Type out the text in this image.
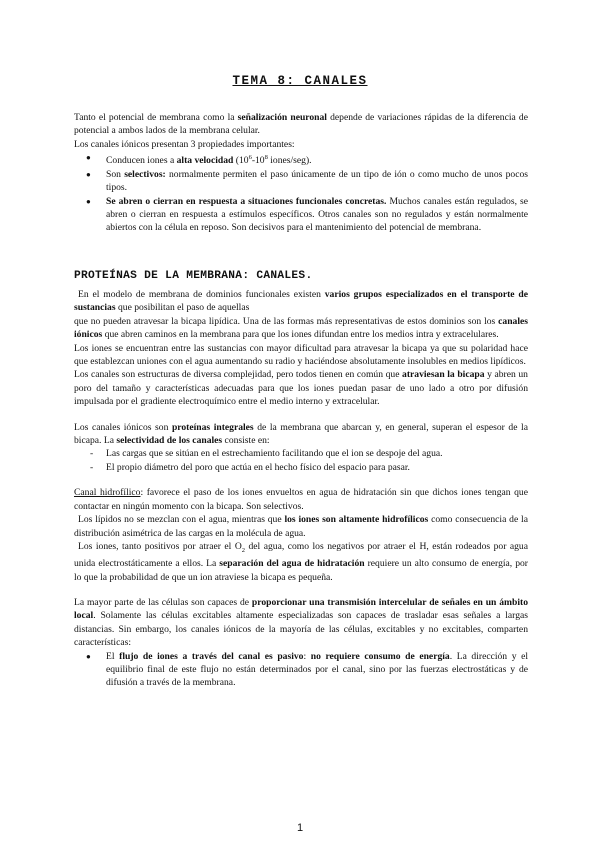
TEMA 8: CANALES

Tanto el potencial de membrana como la señalización neuronal depende de variaciones rápidas de la diferencia de potencial a ambos lados de la membrana celular.

Los canales iónicos presentan 3 propiedades importantes:

● Conducen iones a alta velocidad ($10^6-10^8$ iones/seg).
● Son selectivos: normalmente permiten el paso únicamente de un tipo de ión o como mucho de unos pocos tipos.
● Se abren o cierran en respuesta a situaciones funcionales concretas. Muchos canales están regulados, se abren o cierran en respuesta a estímulos específicos. Otros canales son no regulados y están normalmente abiertos con la célula en reposo. Son decisivos para el mantenimiento del potencial de membrana.
PROTEÍNAS DE LA MEMBRANA: CANALES.

En el modelo de membrana de dominios funcionales existen varios grupos especializados en el transporte de sustancias que posibilitan el paso de aquellas

que no pueden atravesar la bicapa lipídica. Una de las formas más representativas de estos dominios son los canales iónicos que abren caminos en la membrana para que los iones difundan entre los medios intra y extracelulares.

Los iones se encuentran entre las sustancias con mayor dificultad para atravesar la bicapa ya que su polaridad hace que establezcan uniones con el agua aumentando su radio y haciéndose absolutamente insolubles en medios lipídicos.

Los canales son estructuras de diversa complejidad, pero todos tienen en común que atraviesan la bicapa y abren un poro del tamaño y características adecuadas para que los iones puedan pasar de uno lado a otro por difusión impulsada por el gradiente electroquímico entre el medio interno y extracelular.

Los canales iónicos son proteínas integrales de la membrana que abarcan y, en general, superan el espesor de la bicapa. La selectividad de los canales consiste en:

- Las cargas que se sitúan en el estrechamiento facilitando que el ion se despoje del agua.
- El propio diámetro del poro que actúa en el hecho físico del espacio para pasar.

Canal hidrofílico: favorece el paso de los iones envueltos en agua de hidratación sin que dichos iones tengan que contactar en ningún momento con la bicapa. Son selectivos.

Los lípidos no se mezclan con el agua, mientras que los iones son altamente hidrofílicos como consecuencia de la distribución asimétrica de las cargas en la molécula de agua.

Los iones, tanto positivos por atraer el $O_2$ del agua, como los negativos por atraer el H, están rodeados por agua unida electrostáticamente a ellos. La separación del agua de hidratación requiere un alto consumo de energía, por lo que la probabilidad de que un ion atraviese la bicapa es pequeña.

La mayor parte de las células son capaces de proporcionar una transmisión intercelular de señales en un ámbito local. Solamente las células excitables altamente especializadas son capaces de trasladar esas señales a largas distancias. Sin embargo, los canales iónicos de la mayoría de las células, excitables y no excitables, comparten características:

● El flujo de iones a través del canal es pasivo: no requiere consumo de energía. La dirección y el equilibrio final de este flujo no están determinados por el canal, sino por las fuerzas electrostáticas y de difusión a través de la membrana.
1
